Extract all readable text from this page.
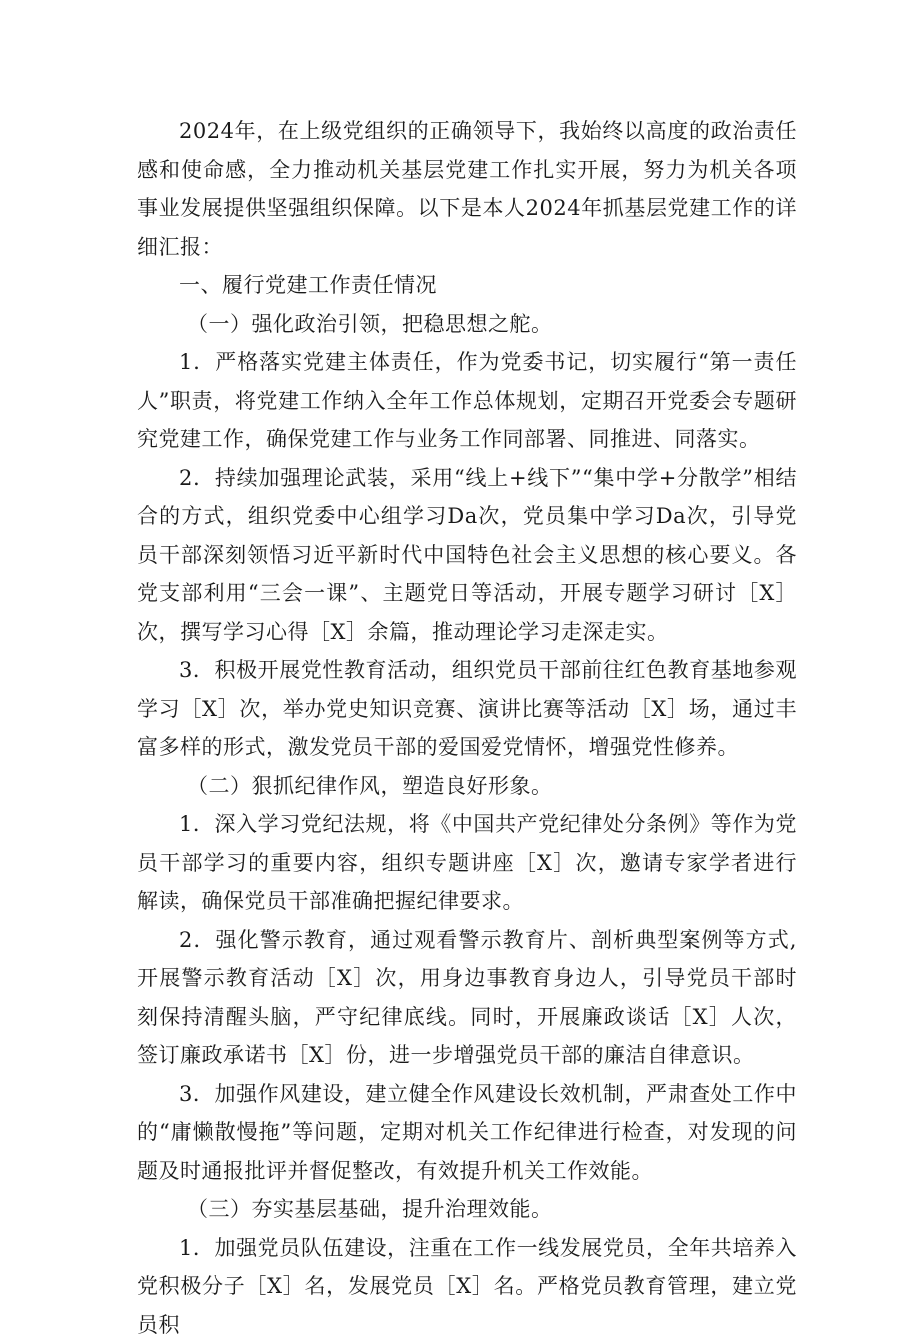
2024年，在上级党组织的正确领导下，我始终以高度的政治责任感和使命感，全力推动机关基层党建工作扎实开展，努力为机关各项事业发展提供坚强组织保障。以下是本人2024年抓基层党建工作的详细汇报：

一、履行党建工作责任情况

（一）强化政治引领，把稳思想之舵。

1．严格落实党建主体责任，作为党委书记，切实履行“第一责任人”职责，将党建工作纳入全年工作总体规划，定期召开党委会专题研究党建工作，确保党建工作与业务工作同部署、同推进、同落实。

2．持续加强理论武装，采用“线上+线下”“集中学+分散学”相结合的方式，组织党委中心组学习Da次，党员集中学习Da次，引导党员干部深刻领悟习近平新时代中国特色社会主义思想的核心要义。各党支部利用“三会一课”、主题党日等活动，开展专题学习研讨［X］次，撰写学习心得［X］余篇，推动理论学习走深走实。

3．积极开展党性教育活动，组织党员干部前往红色教育基地参观学习［X］次，举办党史知识竞赛、演讲比赛等活动［X］场，通过丰富多样的形式，激发党员干部的爱国爱党情怀，增强党性修养。

（二）狠抓纪律作风，塑造良好形象。

1．深入学习党纪法规，将《中国共产党纪律处分条例》等作为党员干部学习的重要内容，组织专题讲座［X］次，邀请专家学者进行解读，确保党员干部准确把握纪律要求。

2．强化警示教育，通过观看警示教育片、剖析典型案例等方式,开展警示教育活动［X］次，用身边事教育身边人，引导党员干部时刻保持清醒头脑，严守纪律底线。同时，开展廉政谈话［X］人次，签订廉政承诺书［X］份，进一步增强党员干部的廉洁自律意识。

3．加强作风建设，建立健全作风建设长效机制，严肃查处工作中的“庸懒散慢拖”等问题，定期对机关工作纪律进行检查，对发现的问题及时通报批评并督促整改，有效提升机关工作效能。

（三）夯实基层基础，提升治理效能。

1．加强党员队伍建设，注重在工作一线发展党员，全年共培养入党积极分子［X］名，发展党员［X］名。严格党员教育管理，建立党员积
